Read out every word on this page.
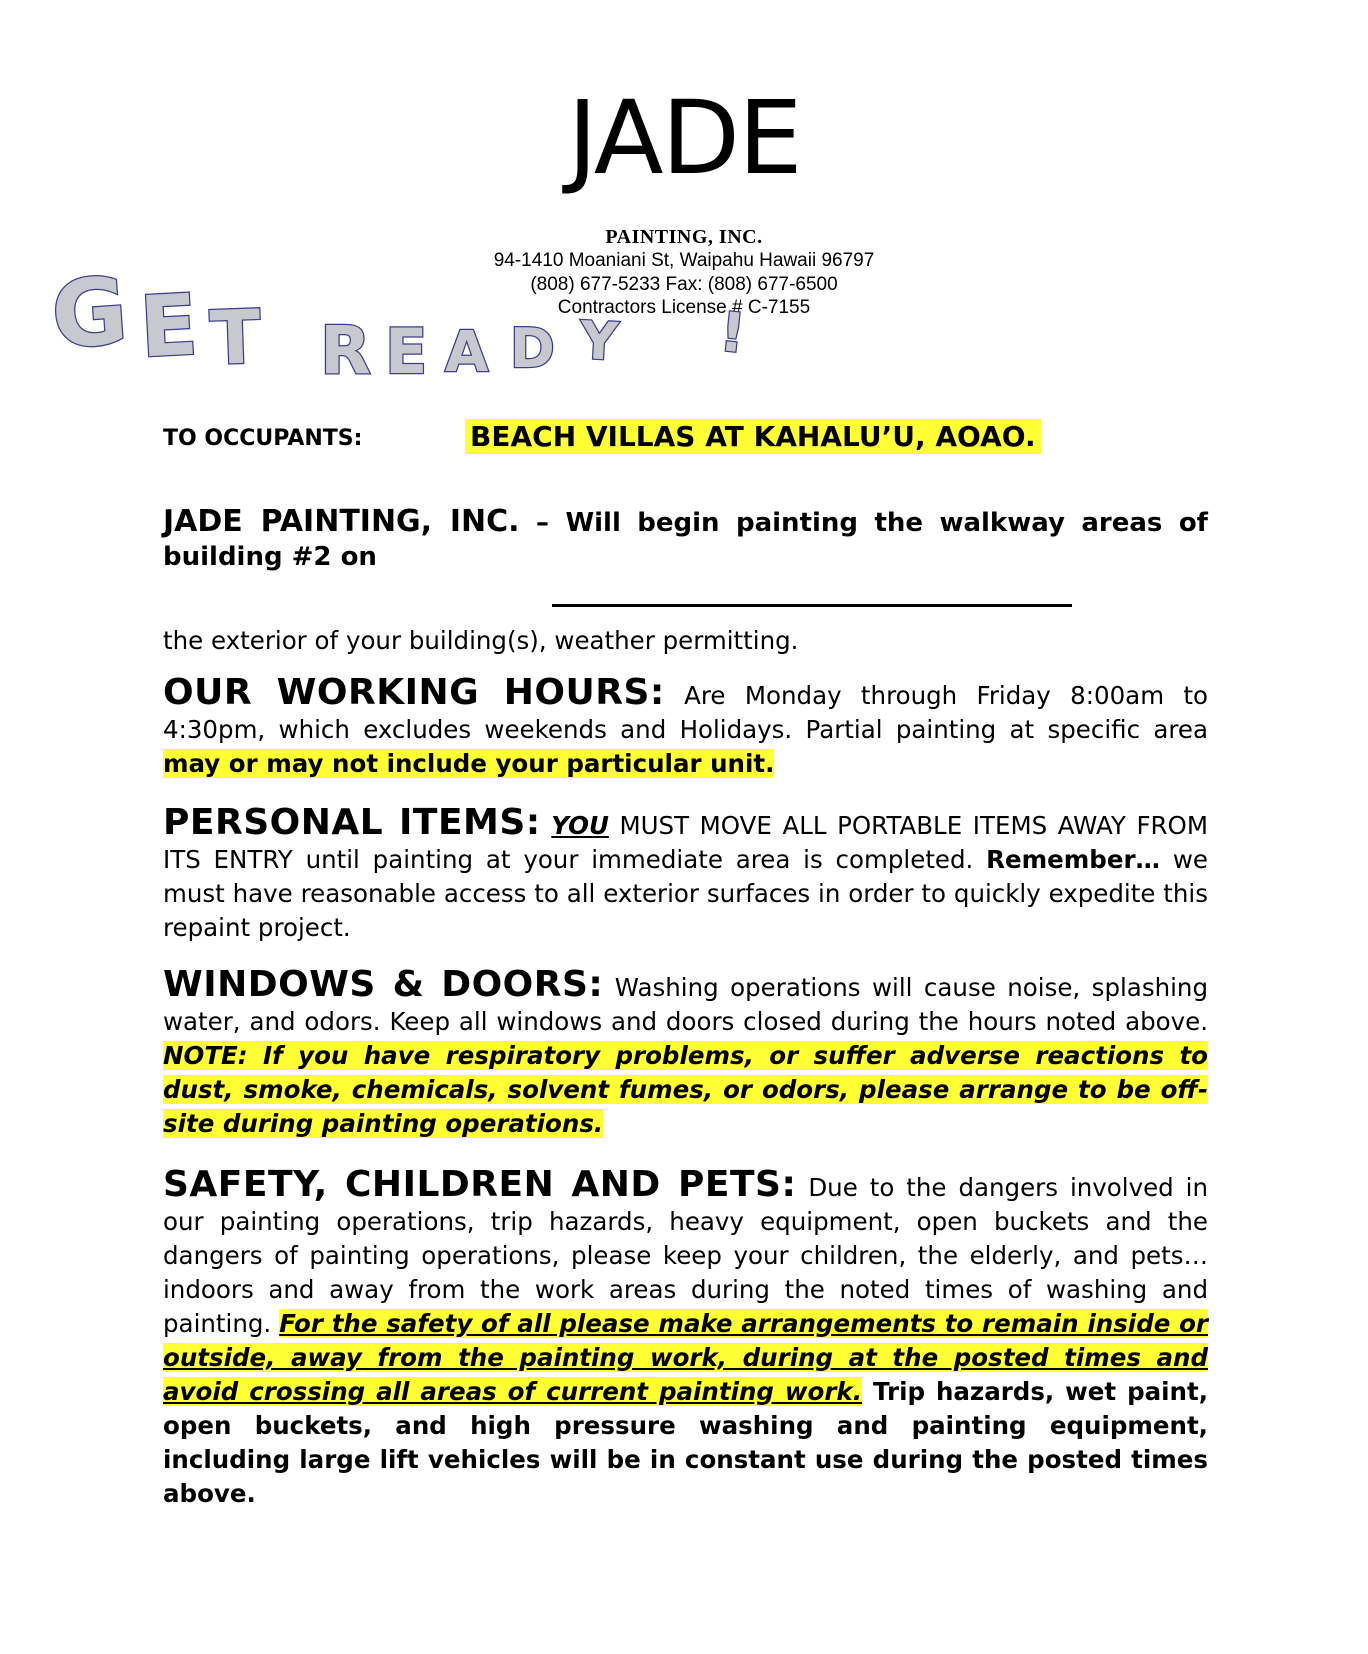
JADE
PAINTING, INC.
94-1410 Moaniani St, Waipahu Hawaii 96797
(808) 677-5233 Fax: (808) 677-6500
Contractors License # C-7155
G E T R E A D Y !
TO OCCUPANTS:	BEACH VILLAS AT KAHALU’U, AOAO.
JADE PAINTING, INC. – Will begin painting the walkway areas of building #2 on
the exterior of your building(s), weather permitting.
OUR WORKING HOURS: Are Monday through Friday 8:00am to 4:30pm, which excludes weekends and Holidays. Partial painting at specific area may or may not include your particular unit.
PERSONAL ITEMS: YOU MUST MOVE ALL PORTABLE ITEMS AWAY FROM ITS ENTRY until painting at your immediate area is completed. Remember… we must have reasonable access to all exterior surfaces in order to quickly expedite this repaint project.
WINDOWS & DOORS: Washing operations will cause noise, splashing water, and odors. Keep all windows and doors closed during the hours noted above. NOTE: If you have respiratory problems, or suffer adverse reactions to dust, smoke, chemicals, solvent fumes, or odors, please arrange to be off-site during painting operations.
SAFETY, CHILDREN AND PETS: Due to the dangers involved in our painting operations, trip hazards, heavy equipment, open buckets and the dangers of painting operations, please keep your children, the elderly, and pets… indoors and away from the work areas during the noted times of washing and painting. For the safety of all please make arrangements to remain inside or outside, away from the painting work, during at the posted times and avoid crossing all areas of current painting work. Trip hazards, wet paint, open buckets, and high pressure washing and painting equipment, including large lift vehicles will be in constant use during the posted times above.
